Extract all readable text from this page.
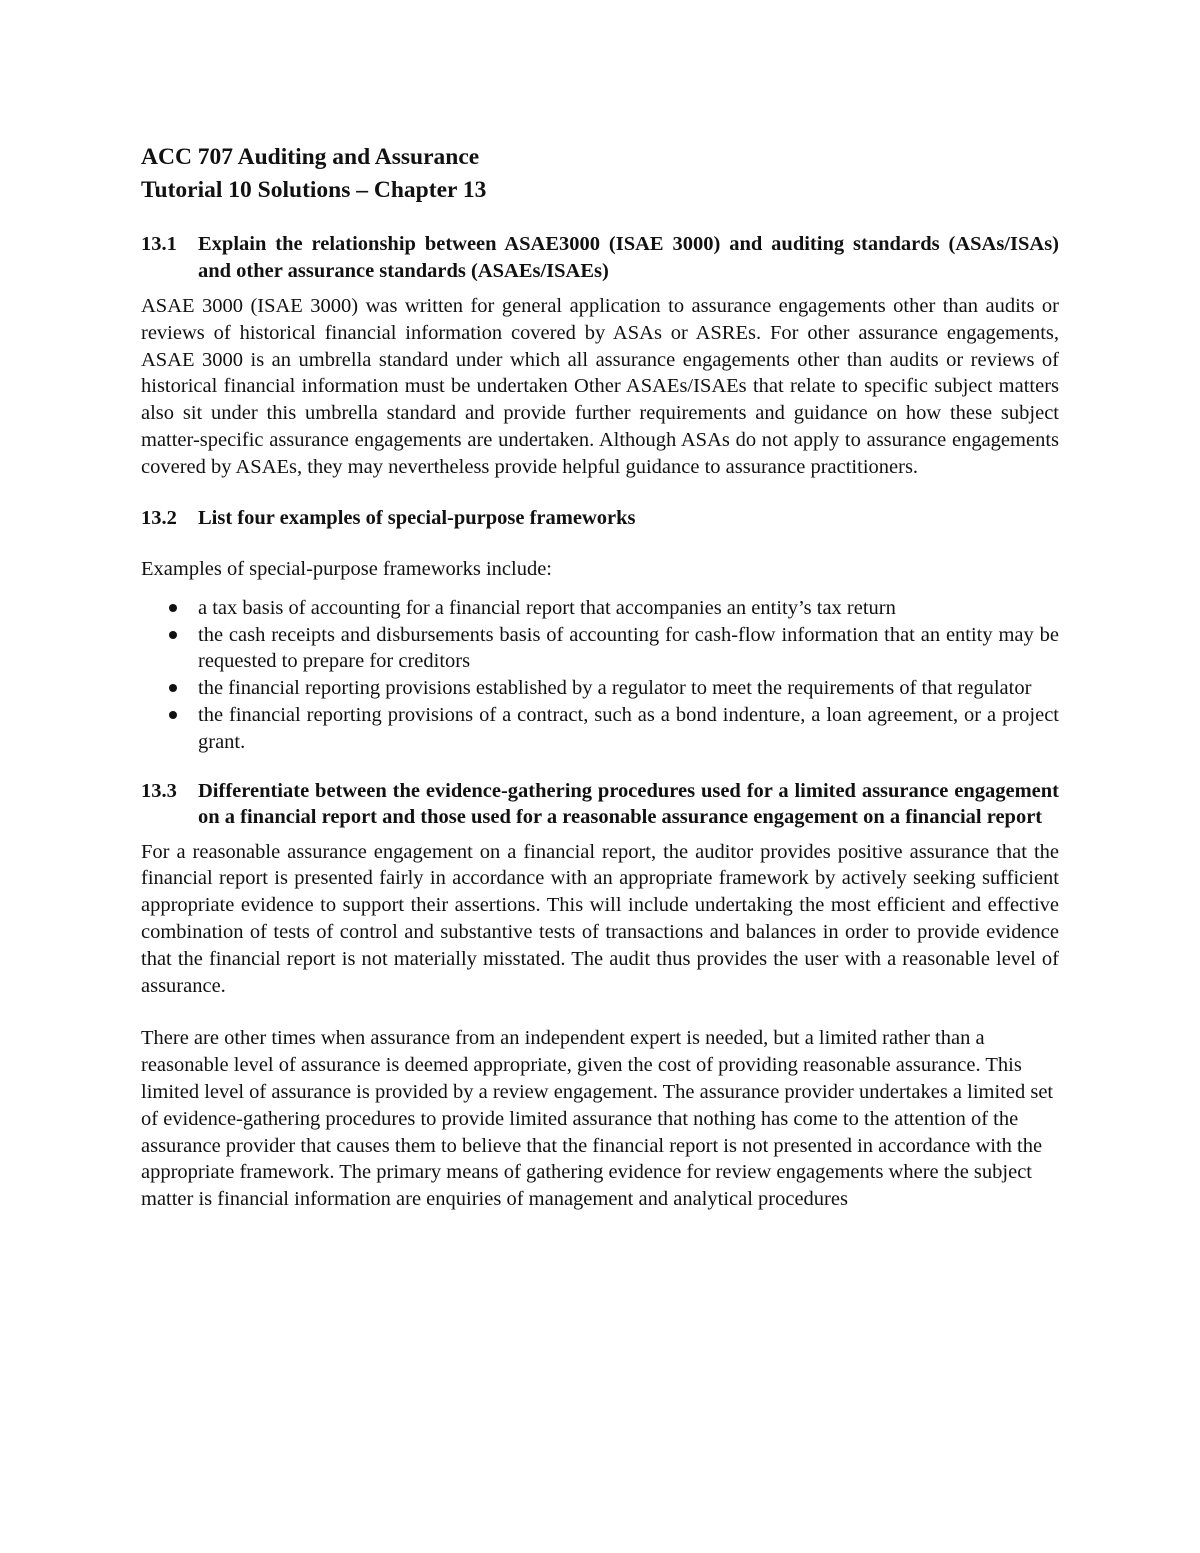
ACC 707 Auditing and Assurance

Tutorial 10 Solutions – Chapter 13

13.1	Explain the relationship between ASAE3000 (ISAE 3000) and auditing standards (ASAs/ISAs) and other assurance standards (ASAEs/ISAEs)

ASAE 3000 (ISAE 3000) was written for general application to assurance engagements other than audits or reviews of historical financial information covered by ASAs or ASREs. For other assurance engagements, ASAE 3000 is an umbrella standard under which all assurance engagements other than audits or reviews of historical financial information must be undertaken Other ASAEs/ISAEs that relate to specific subject matters also sit under this umbrella standard and provide further requirements and guidance on how these subject matter-specific assurance engagements are undertaken. Although ASAs do not apply to assurance engagements covered by ASAEs, they may nevertheless provide helpful guidance to assurance practitioners.

13.2	List four examples of special-purpose frameworks

Examples of special-purpose frameworks include:

a tax basis of accounting for a financial report that accompanies an entity’s tax return
the cash receipts and disbursements basis of accounting for cash-flow information that an entity may be requested to prepare for creditors
the financial reporting provisions established by a regulator to meet the requirements of that regulator
the financial reporting provisions of a contract, such as a bond indenture, a loan agreement, or a project grant.
13.3	Differentiate between the evidence-gathering procedures used for a limited assurance engagement on a financial report and those used for a reasonable assurance engagement on a financial report

For a reasonable assurance engagement on a financial report, the auditor provides positive assurance that the financial report is presented fairly in accordance with an appropriate framework by actively seeking sufficient appropriate evidence to support their assertions. This will include undertaking the most efficient and effective combination of tests of control and substantive tests of transactions and balances in order to provide evidence that the financial report is not materially misstated. The audit thus provides the user with a reasonable level of assurance.

There are other times when assurance from an independent expert is needed, but a limited rather than a reasonable level of assurance is deemed appropriate, given the cost of providing reasonable assurance. This limited level of assurance is provided by a review engagement. The assurance provider undertakes a limited set of evidence-gathering procedures to provide limited assurance that nothing has come to the attention of the assurance provider that causes them to believe that the financial report is not presented in accordance with the appropriate framework. The primary means of gathering evidence for review engagements where the subject matter is financial information are enquiries of management and analytical procedures
